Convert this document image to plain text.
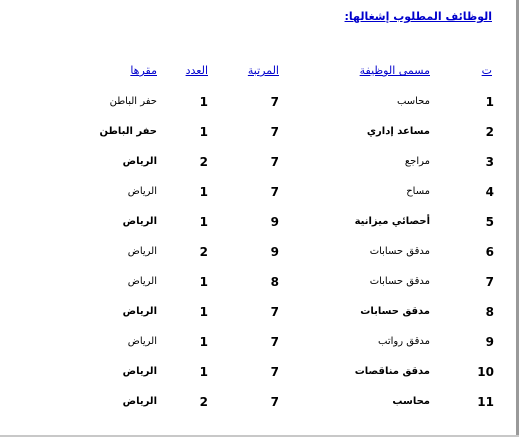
الوظائف المطلوب إشغالها:
ت
مسمى الوظيفة
المرتبة
العدد
مقرها
1
محاسب
7
1
حفر الباطن
2
مساعد إداري
7
1
حفر الباطن
3
مراجع
7
2
الرياض
4
مساح
7
1
الرياض
5
أحصائي ميزانية
9
1
الرياض
6
مدقق حسابات
9
2
الرياض
7
مدقق حسابات
8
1
الرياض
8
مدقق حسابات
7
1
الرياض
9
مدقق رواتب
7
1
الرياض
10
مدقق مناقصات
7
1
الرياض
11
محاسب
7
2
الرياض
